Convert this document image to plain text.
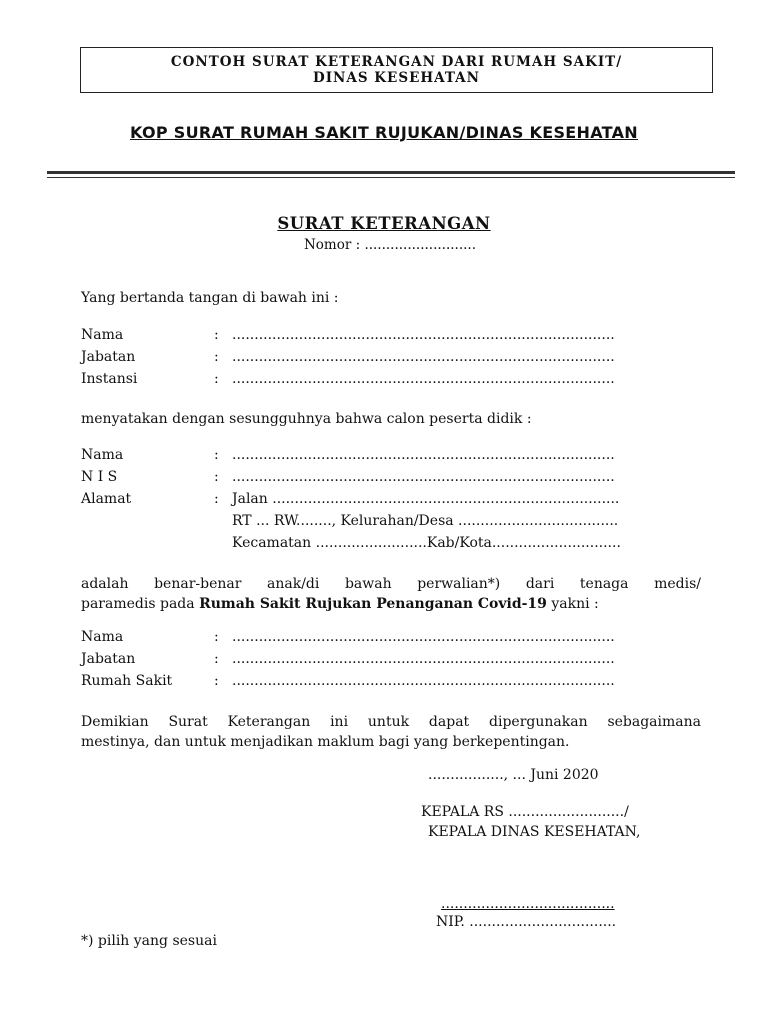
CONTOH SURAT KETERANGAN DARI RUMAH SAKIT/
DINAS KESEHATAN
KOP SURAT RUMAH SAKIT RUJUKAN/DINAS KESEHATAN
SURAT KETERANGAN
Nomor : ..........................
Yang bertanda tangan di bawah ini :
Nama	: ......................................................................................
Jabatan	: ......................................................................................
Instansi	: ......................................................................................
menyatakan dengan sesungguhnya bahwa calon peserta didik :
Nama	: ......................................................................................
N I S	: ......................................................................................
Alamat	: Jalan ..............................................................................
RT ... RW........, Kelurahan/Desa ....................................
Kecamatan .........................Kab/Kota.............................
adalah benar-benar anak/di bawah perwalian*) dari tenaga medis/
paramedis pada Rumah Sakit Rujukan Penanganan Covid-19 yakni :
Nama	: ......................................................................................
Jabatan	: ......................................................................................
Rumah Sakit	: ......................................................................................
Demikian Surat Keterangan ini untuk dapat dipergunakan sebagaimana
mestinya, dan untuk menjadikan maklum bagi yang berkepentingan.
................., ... Juni 2020
KEPALA RS ........................../
KEPALA DINAS KESEHATAN,
.......................................
NIP. .................................
*) pilih yang sesuai
